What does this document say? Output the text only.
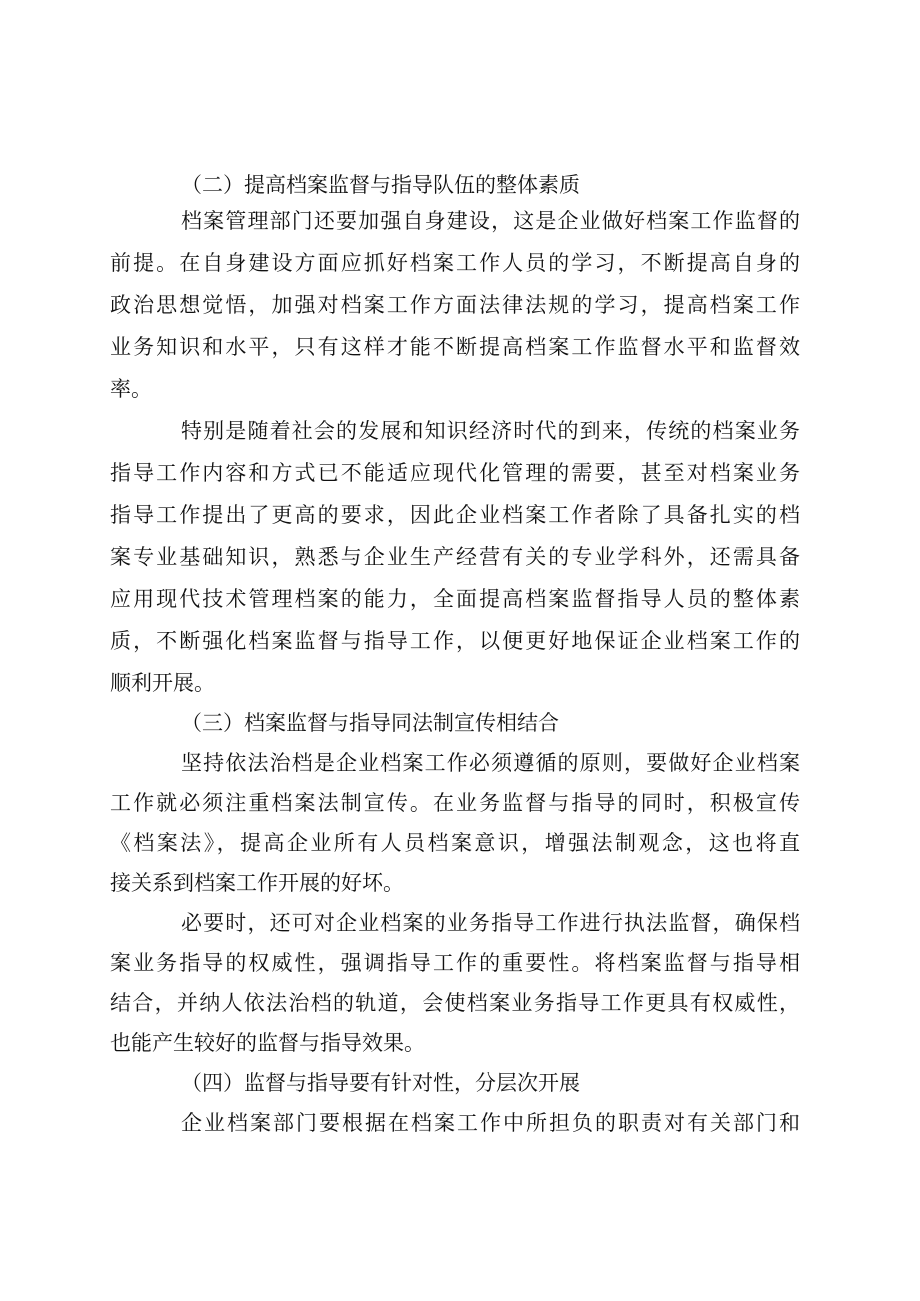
（二）提高档案监督与指导队伍的整体素质
档案管理部门还要加强自身建设，这是企业做好档案工作监督的
前提。在自身建设方面应抓好档案工作人员的学习，不断提高自身的
政治思想觉悟，加强对档案工作方面法律法规的学习，提高档案工作
业务知识和水平，只有这样才能不断提高档案工作监督水平和监督效
率。
特别是随着社会的发展和知识经济时代的到来，传统的档案业务
指导工作内容和方式已不能适应现代化管理的需要，甚至对档案业务
指导工作提出了更高的要求，因此企业档案工作者除了具备扎实的档
案专业基础知识，熟悉与企业生产经营有关的专业学科外，还需具备
应用现代技术管理档案的能力，全面提高档案监督指导人员的整体素
质，不断强化档案监督与指导工作，以便更好地保证企业档案工作的
顺利开展。
（三）档案监督与指导同法制宣传相结合
坚持依法治档是企业档案工作必须遵循的原则，要做好企业档案
工作就必须注重档案法制宣传。在业务监督与指导的同时，积极宣传
《档案法》，提高企业所有人员档案意识，增强法制观念，这也将直
接关系到档案工作开展的好坏。
必要时，还可对企业档案的业务指导工作进行执法监督，确保档
案业务指导的权威性，强调指导工作的重要性。将档案监督与指导相
结合，并纳人依法治档的轨道，会使档案业务指导工作更具有权威性，
也能产生较好的监督与指导效果。
（四）监督与指导要有针对性，分层次开展
企业档案部门要根据在档案工作中所担负的职责对有关部门和
